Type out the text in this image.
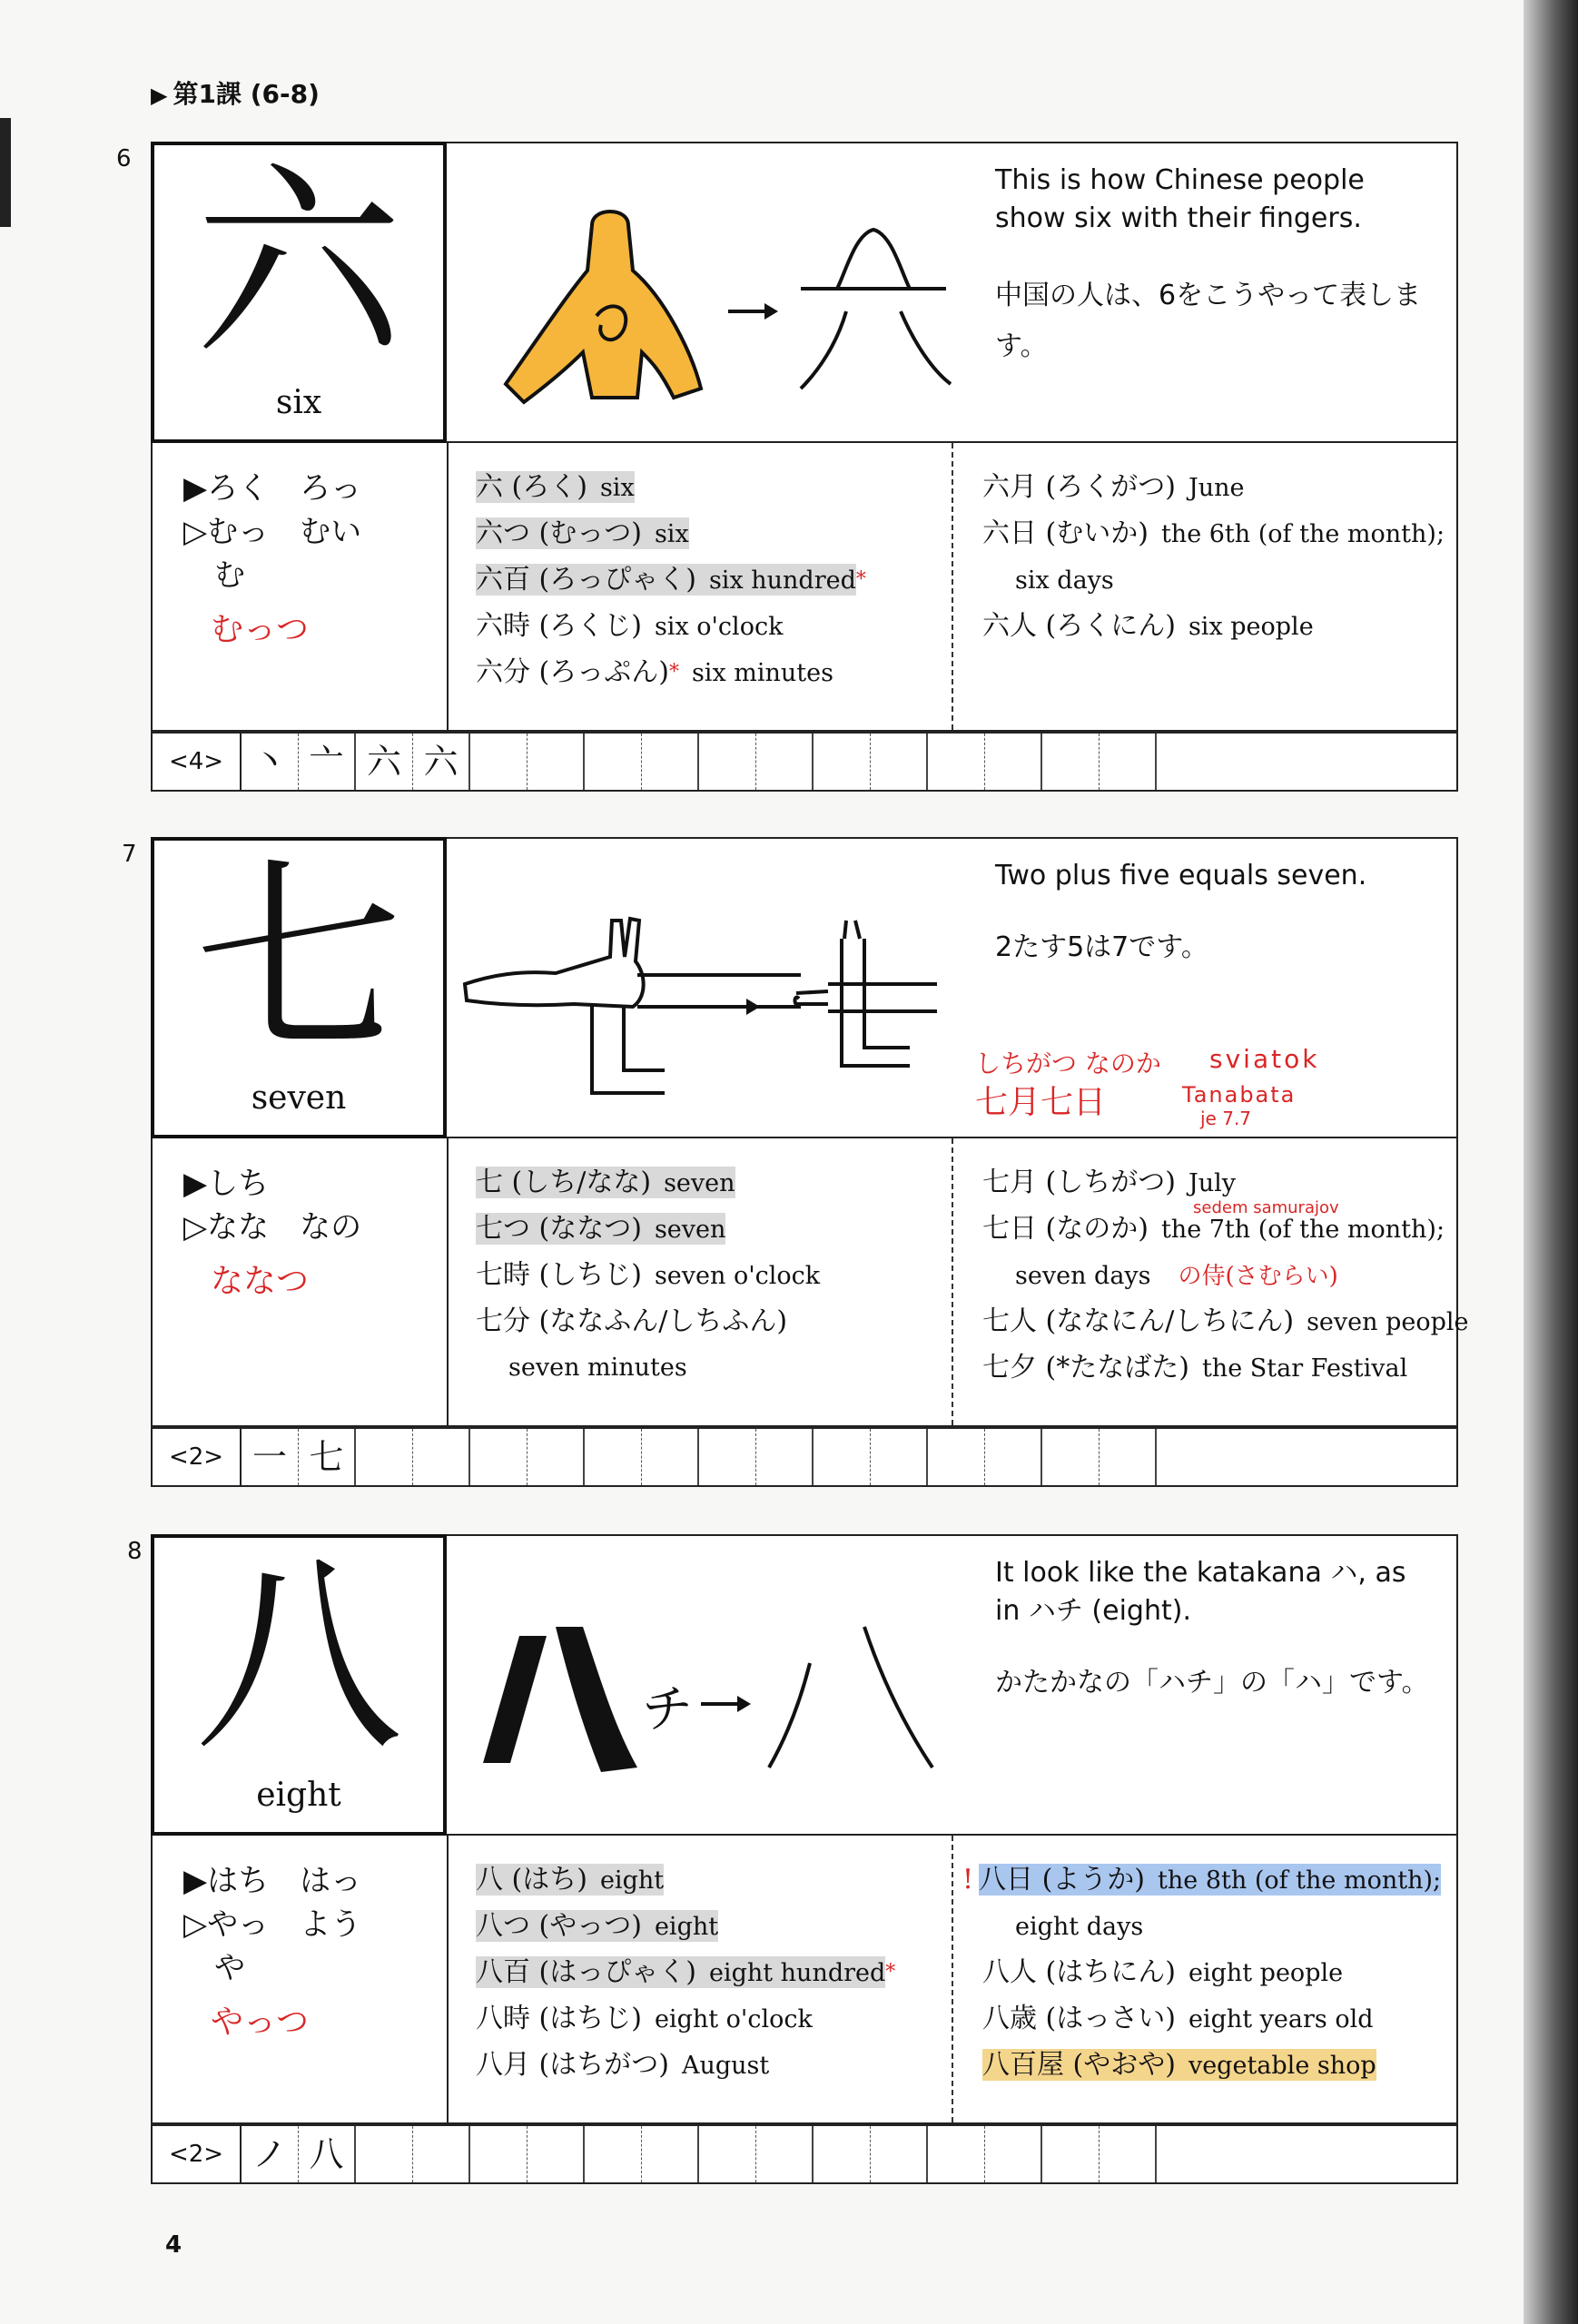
▶ 第1課 (6-8)
6 六
six
This is how Chinese people show six with their fingers.
中国の人は、6をこうやって表します。
▶ろく　ろっ
▷むっ　むい
む
むっつ
六 (ろく) six
六つ (むっつ) six
六百 (ろっぴゃく) six hundred*
六時 (ろくじ) six o'clock
六分 (ろっぷん)* six minutes
六月 (ろくがつ) June
六日 (むいか) the 6th (of the month);
six days
六人 (ろくにん) six people
<4> 丶 亠 六 六
7 七
seven
Two plus five equals seven.
2たす5は7です。
しちがつ なのか
七月七日
sviatok
Tanabata
je 7.7
▶しち
▷なな　なの
ななつ
七 (しち/なな) seven
七つ (ななつ) seven
七時 (しちじ) seven o'clock
七分 (ななふん/しちふん)
seven minutes
七月 (しちがつ) July
七日 (なのか) the 7th (of the month);
seven days の侍(さむらい)
七人 (ななにん/しちにん) seven people
七夕 (*たなばた) the Star Festival
sedem samurajov
<2> 一 七
8 八
eight
チ
It look like the katakana ハ, as in ハチ (eight).
かたかなの「ハチ」の「ハ」です。
▶はち　はっ
▷やっ　よう
や
やっつ
八 (はち) eight
八つ (やっつ) eight
八百 (はっぴゃく) eight hundred*
八時 (はちじ) eight o'clock
八月 (はちがつ) August
! 八日 (ようか) the 8th (of the month);
eight days
八人 (はちにん) eight people
八歳 (はっさい) eight years old
八百屋 (やおや) vegetable shop
<2> ノ 八
4
